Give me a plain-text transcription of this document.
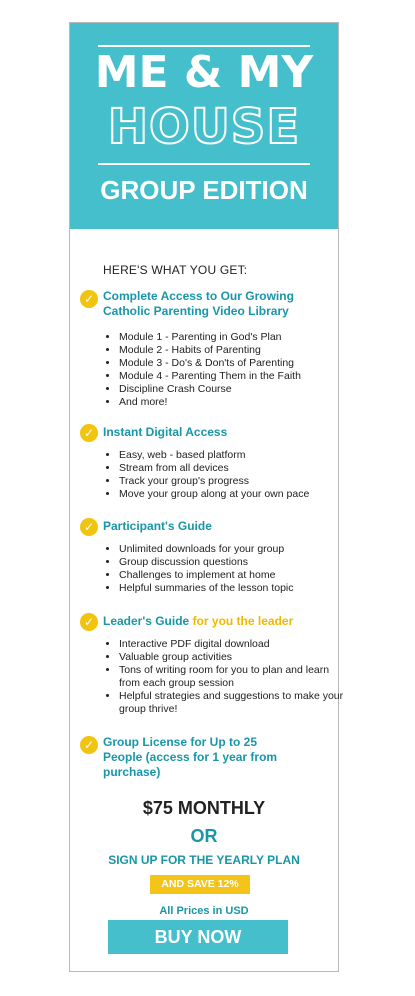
ME & MY
HOUSE
GROUP EDITION
HERE'S WHAT YOU GET:
✓ Complete Access to Our Growing Catholic Parenting Video Library
• Module 1 - Parenting in God's Plan
• Module 2 - Habits of Parenting
• Module 3 - Do's & Don'ts of Parenting
• Module 4 - Parenting Them in the Faith
• Discipline Crash Course
• And more!
✓ Instant Digital Access
• Easy, web - based platform
• Stream from all devices
• Track your group's progress
• Move your group along at your own pace
✓ Participant's Guide
• Unlimited downloads for your group
• Group discussion questions
• Challenges to implement at home
• Helpful summaries of the lesson topic
✓ Leader's Guide for you the leader
• Interactive PDF digital download
• Valuable group activities
• Tons of writing room for you to plan and learn from each group session
• Helpful strategies and suggestions to make your group thrive!
✓ Group License for Up to 25 People (access for 1 year from purchase)
$75 MONTHLY
OR
SIGN UP FOR THE YEARLY PLAN
AND SAVE 12%
All Prices in USD
BUY NOW
